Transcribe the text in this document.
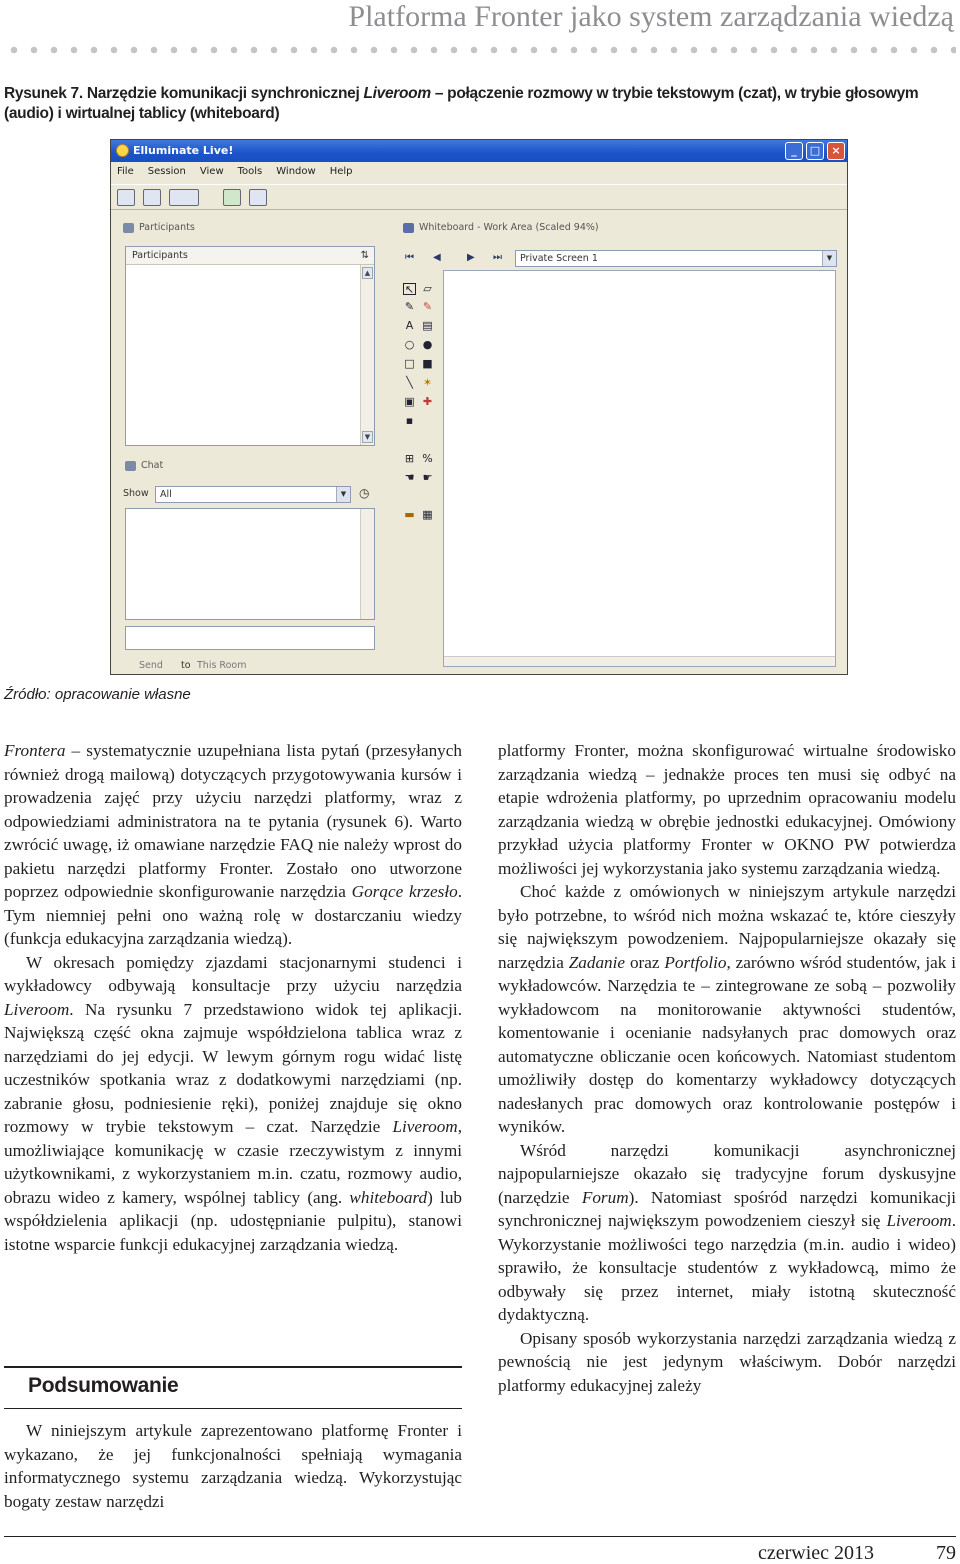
Platforma Fronter jako system zarządzania wiedzą
Rysunek 7. Narzędzie komunikacji synchronicznej Liveroom – połączenie rozmowy w trybie tekstowym (czat), w trybie głosowym (audio) i wirtualnej tablicy (whiteboard)
Elluminate Live!	_	□	×
File Session View Tools Window Help
Participants
Participants	⇅
▲
▼
Chat
Show	All	▼	◷
Send to This Room
Whiteboard - Work Area (Scaled 94%)
⏮ ◀	▶ ⏭	Private Screen 1	▼
↖ ▱
✎ ✎
A ▤
○ ●
□ ■
╲ ✶
▣ ✚
▪
⊞ %
☚ ☛
▬ ▦
Źródło: opracowanie własne

Frontera – systematycznie uzupełniana lista pytań (przesyłanych również drogą mailową) dotyczących przygotowywania kursów i prowadzenia zajęć przy użyciu narzędzi platformy, wraz z odpowiedziami administratora na te pytania (rysunek 6). Warto zwrócić uwagę, iż omawiane narzędzie FAQ nie należy wprost do pakietu narzędzi platformy Fronter. Zostało ono utworzone poprzez odpowiednie skonfigurowanie narzędzia Gorące krzesło. Tym niemniej pełni ono ważną rolę w dostarczaniu wiedzy (funkcja edukacyjna zarządzania wiedzą).

W okresach pomiędzy zjazdami stacjonarnymi studenci i wykładowcy odbywają konsultacje przy użyciu narzędzia Liveroom. Na rysunku 7 przedstawiono widok tej aplikacji. Największą część okna zajmuje współdzielona tablica wraz z narzędziami do jej edycji. W lewym górnym rogu widać listę uczestników spotkania wraz z dodatkowymi narzędziami (np. zabranie głosu, podniesienie ręki), poniżej znajduje się okno rozmowy w trybie tekstowym – czat. Narzędzie Liveroom, umożliwiające komunikację w czasie rzeczywistym z innymi użytkownikami, z wykorzystaniem m.in. czatu, rozmowy audio, obrazu wideo z kamery, wspólnej tablicy (ang. whiteboard) lub współdzielenia aplikacji (np. udostępnianie pulpitu), stanowi istotne wsparcie funkcji edukacyjnej zarządzania wiedzą.

Podsumowanie

W niniejszym artykule zaprezentowano platformę Fronter i wykazano, że jej funkcjonalności spełniają wymagania informatycznego systemu zarządzania wiedzą. Wykorzystując bogaty zestaw narzędzi

platformy Fronter, można skonfigurować wirtualne środowisko zarządzania wiedzą – jednakże proces ten musi się odbyć na etapie wdrożenia platformy, po uprzednim opracowaniu modelu zarządzania wiedzą w obrębie jednostki edukacyjnej. Omówiony przykład użycia platformy Fronter w OKNO PW potwierdza możliwości jej wykorzystania jako systemu zarządzania wiedzą.

Choć każde z omówionych w niniejszym artykule narzędzi było potrzebne, to wśród nich można wskazać te, które cieszyły się największym powodzeniem. Najpopularniejsze okazały się narzędzia Zadanie oraz Portfolio, zarówno wśród studentów, jak i wykładowców. Narzędzia te – zintegrowane ze sobą – pozwoliły wykładowcom na monitorowanie aktywności studentów, komentowanie i ocenianie nadsyłanych prac domowych oraz automatyczne obliczanie ocen końcowych. Natomiast studentom umożliwiły dostęp do komentarzy wykładowcy dotyczących nadesłanych prac domowych oraz kontrolowanie postępów i wyników.

Wśród narzędzi komunikacji asynchronicznej najpopularniejsze okazało się tradycyjne forum dyskusyjne (narzędzie Forum). Natomiast spośród narzędzi komunikacji synchronicznej największym powodzeniem cieszył się Liveroom. Wykorzystanie możliwości tego narzędzia (m.in. audio i wideo) sprawiło, że konsultacje studentów z wykładowcą, mimo że odbywały się przez internet, miały istotną skuteczność dydaktyczną.

Opisany sposób wykorzystania narzędzi zarządzania wiedzą z pewnością nie jest jedynym właściwym. Dobór narzędzi platformy edukacyjnej zależy

czerwiec 2013	79
